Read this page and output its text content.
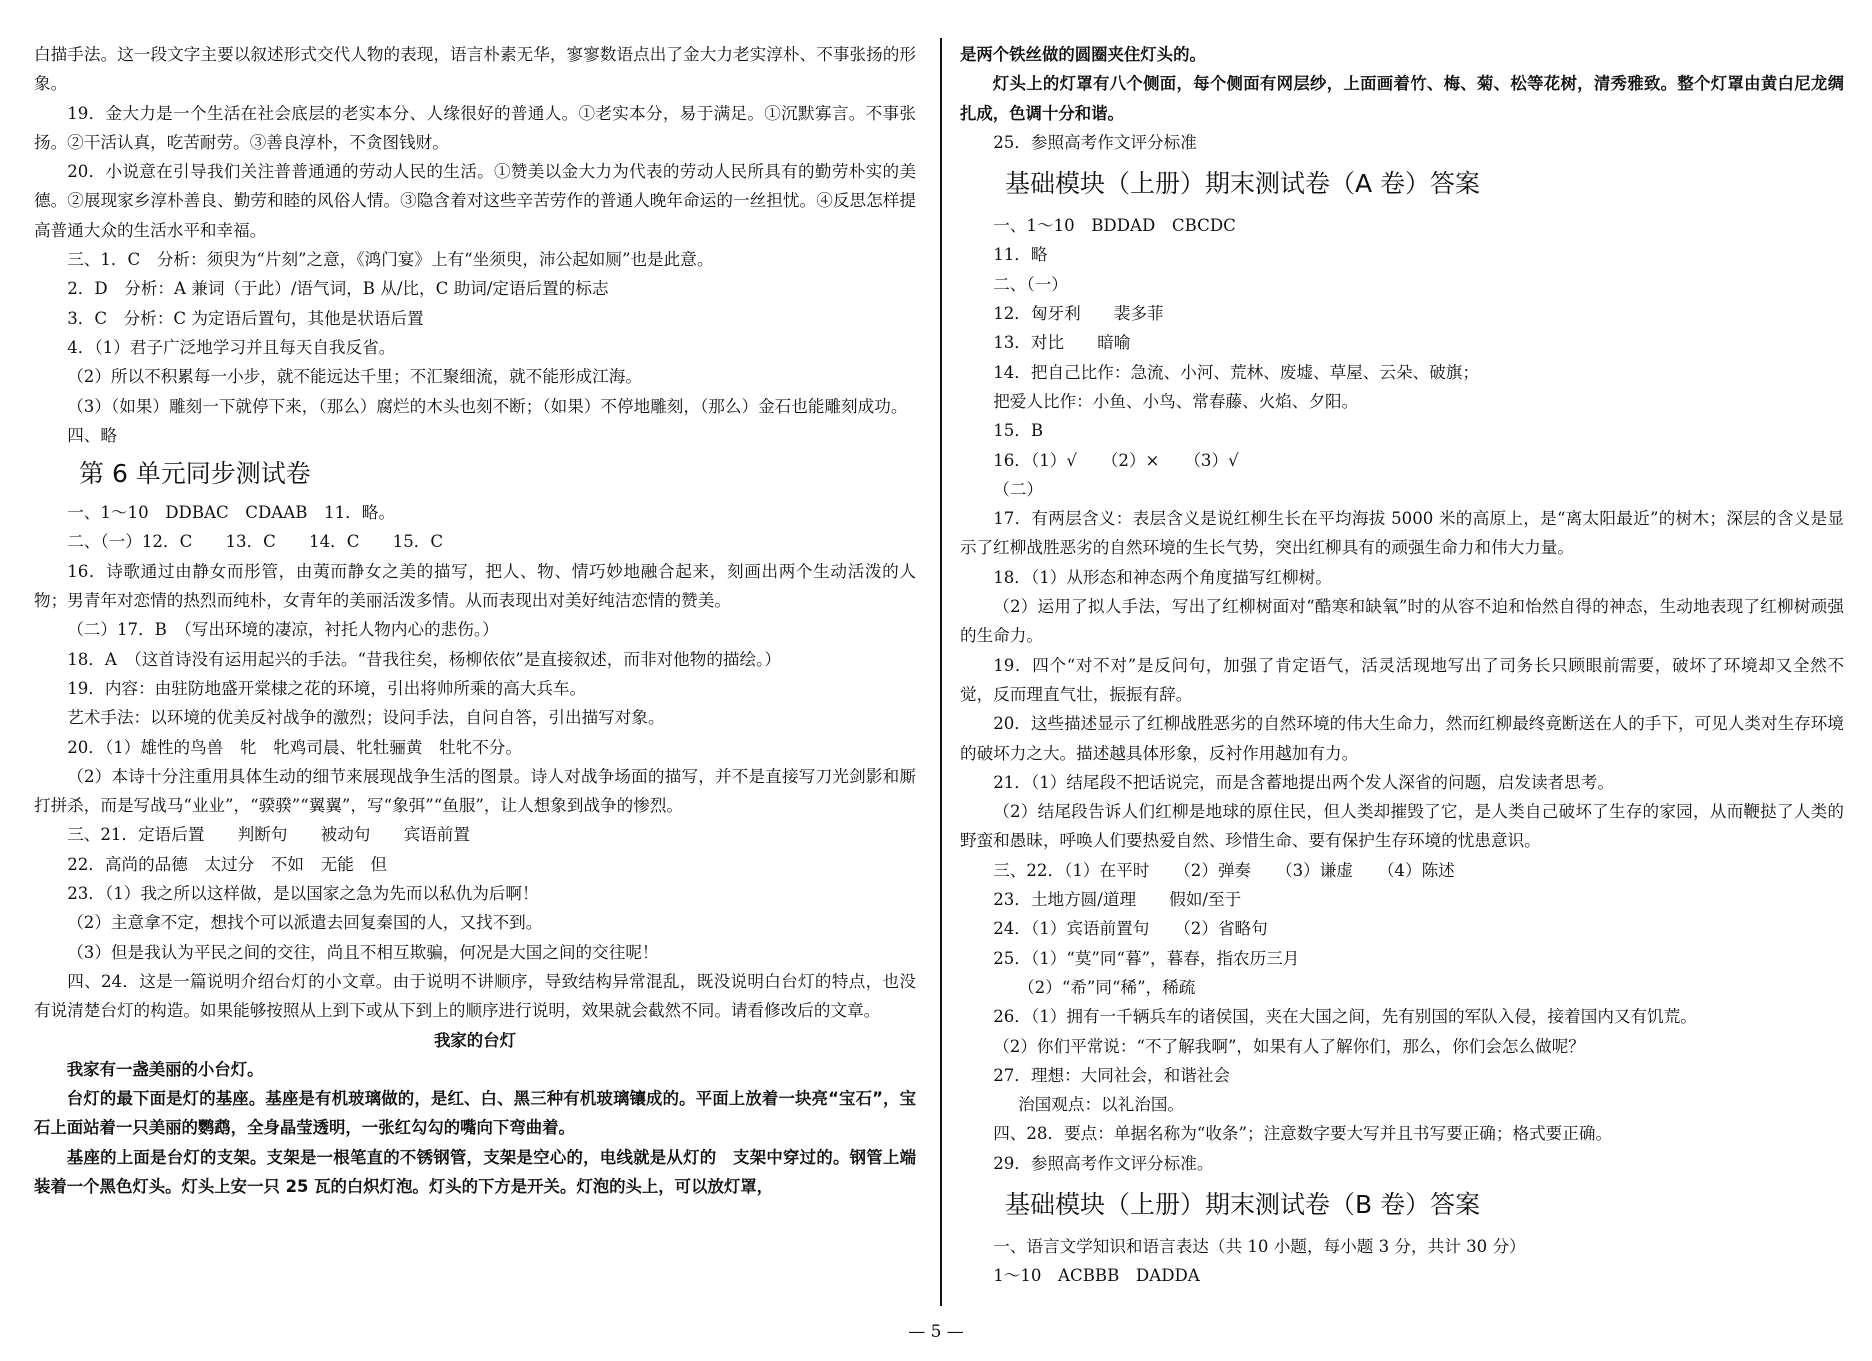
白描手法。这一段文字主要以叙述形式交代人物的表现，语言朴素无华，寥寥数语点出了金大力老实淳朴、不事张扬的形象。

19．金大力是一个生活在社会底层的老实本分、人缘很好的普通人。①老实本分，易于满足。①沉默寡言。不事张扬。②干活认真，吃苦耐劳。③善良淳朴，不贪图钱财。

20．小说意在引导我们关注普普通通的劳动人民的生活。①赞美以金大力为代表的劳动人民所具有的勤劳朴实的美德。②展现家乡淳朴善良、勤劳和睦的风俗人情。③隐含着对这些辛苦劳作的普通人晚年命运的一丝担忧。④反思怎样提高普通大众的生活水平和幸福。

三、1．C　分析：须臾为“片刻”之意，《鸿门宴》上有“坐须臾，沛公起如厕”也是此意。

2．D　分析：A 兼词（于此）/语气词，B 从/比，C 助词/定语后置的标志

3．C　分析：C 为定语后置句，其他是状语后置

4．（1）君子广泛地学习并且每天自我反省。

（2）所以不积累每一小步，就不能远达千里；不汇聚细流，就不能形成江海。

（3）（如果）雕刻一下就停下来，（那么）腐烂的木头也刻不断；（如果）不停地雕刻，（那么）金石也能雕刻成功。

四、略

第 6 单元同步测试卷

一、1～10　DDBAC　CDAAB　11．略。

二、（一）12．C　　13．C　　14．C　　15．C

16．诗歌通过由静女而彤管，由荑而静女之美的描写，把人、物、情巧妙地融合起来，刻画出两个生动活泼的人物；男青年对恋情的热烈而纯朴，女青年的美丽活泼多情。从而表现出对美好纯洁恋情的赞美。

（二）17．B　（写出环境的凄凉，衬托人物内心的悲伤。）

18．A　（这首诗没有运用起兴的手法。“昔我往矣，杨柳依依”是直接叙述，而非对他物的描绘。）

19．内容：由驻防地盛开棠棣之花的环境，引出将帅所乘的高大兵车。

艺术手法：以环境的优美反衬战争的激烈；设问手法，自问自答，引出描写对象。

20．（1）雄性的鸟兽　牝　牝鸡司晨、牝牡骊黄　牡牝不分。

（2）本诗十分注重用具体生动的细节来展现战争生活的图景。诗人对战争场面的描写，并不是直接写刀光剑影和厮打拼杀，而是写战马“业业”，“骙骙”“翼翼”，写“象弭”“鱼服”，让人想象到战争的惨烈。

三、21．定语后置　　判断句　　被动句　　宾语前置

22．高尚的品德　太过分　不如　无能　但

23．（1）我之所以这样做，是以国家之急为先而以私仇为后啊！

（2）主意拿不定，想找个可以派遣去回复秦国的人，又找不到。

（3）但是我认为平民之间的交往，尚且不相互欺骗，何况是大国之间的交往呢！

四、24．这是一篇说明介绍台灯的小文章。由于说明不讲顺序，导致结构异常混乱，既没说明白台灯的特点，也没有说清楚台灯的构造。如果能够按照从上到下或从下到上的顺序进行说明，效果就会截然不同。请看修改后的文章。

我家的台灯

我家有一盏美丽的小台灯。

台灯的最下面是灯的基座。基座是有机玻璃做的，是红、白、黑三种有机玻璃镶成的。平面上放着一块亮“宝石”，宝石上面站着一只美丽的鹦鹉，全身晶莹透明，一张红勾勾的嘴向下弯曲着。

基座的上面是台灯的支架。支架是一根笔直的不锈钢管，支架是空心的，电线就是从灯的　支架中穿过的。钢管上端装着一个黑色灯头。灯头上安一只 25 瓦的白炽灯泡。灯头的下方是开关。灯泡的头上，可以放灯罩，

是两个铁丝做的圆圈夹住灯头的。

灯头上的灯罩有八个侧面，每个侧面有网层纱，上面画着竹、梅、菊、松等花树，清秀雅致。整个灯罩由黄白尼龙绸扎成，色调十分和谐。

25．参照高考作文评分标准

基础模块（上册）期末测试卷（A 卷）答案

一、1～10　BDDAD　CBCDC

11．略

二、（一）

12．匈牙利　　裴多菲

13．对比　　暗喻

14．把自己比作：急流、小河、荒林、废墟、草屋、云朵、破旗；

把爱人比作：小鱼、小鸟、常春藤、火焰、夕阳。

15．B

16．（1）√　　（2）×　　（3）√

（二）

17．有两层含义：表层含义是说红柳生长在平均海拔 5000 米的高原上，是“离太阳最近”的树木；深层的含义是显示了红柳战胜恶劣的自然环境的生长气势，突出红柳具有的顽强生命力和伟大力量。

18．（1）从形态和神态两个角度描写红柳树。

（2）运用了拟人手法，写出了红柳树面对“酷寒和缺氧”时的从容不迫和怡然自得的神态，生动地表现了红柳树顽强的生命力。

19．四个“对不对”是反问句，加强了肯定语气，活灵活现地写出了司务长只顾眼前需要，破坏了环境却又全然不觉，反而理直气壮，振振有辞。

20．这些描述显示了红柳战胜恶劣的自然环境的伟大生命力，然而红柳最终竟断送在人的手下，可见人类对生存环境的破坏力之大。描述越具体形象，反衬作用越加有力。

21．（1）结尾段不把话说完，而是含蓄地提出两个发人深省的问题，启发读者思考。

（2）结尾段告诉人们红柳是地球的原住民，但人类却摧毁了它，是人类自己破坏了生存的家园，从而鞭挞了人类的野蛮和愚昧，呼唤人们要热爱自然、珍惜生命、要有保护生存环境的忧患意识。

三、22．（1）在平时　　（2）弹奏　　（3）谦虚　　（4）陈述

23．土地方圆/道理　　假如/至于

24．（1）宾语前置句　　（2）省略句

25．（1）“莫”同“暮”，暮春，指农历三月

（2）“希”同“稀”，稀疏

26．（1）拥有一千辆兵车的诸侯国，夹在大国之间，先有别国的军队入侵，接着国内又有饥荒。

（2）你们平常说：“不了解我啊”，如果有人了解你们，那么，你们会怎么做呢？

27．理想：大同社会，和谐社会

治国观点：以礼治国。

四、28．要点：单据名称为“收条”；注意数字要大写并且书写要正确；格式要正确。

29．参照高考作文评分标准。

基础模块（上册）期末测试卷（B 卷）答案

一、语言文学知识和语言表达（共 10 小题，每小题 3 分，共计 30 分）

1～10　ACBBB　DADDA

— 5 —
